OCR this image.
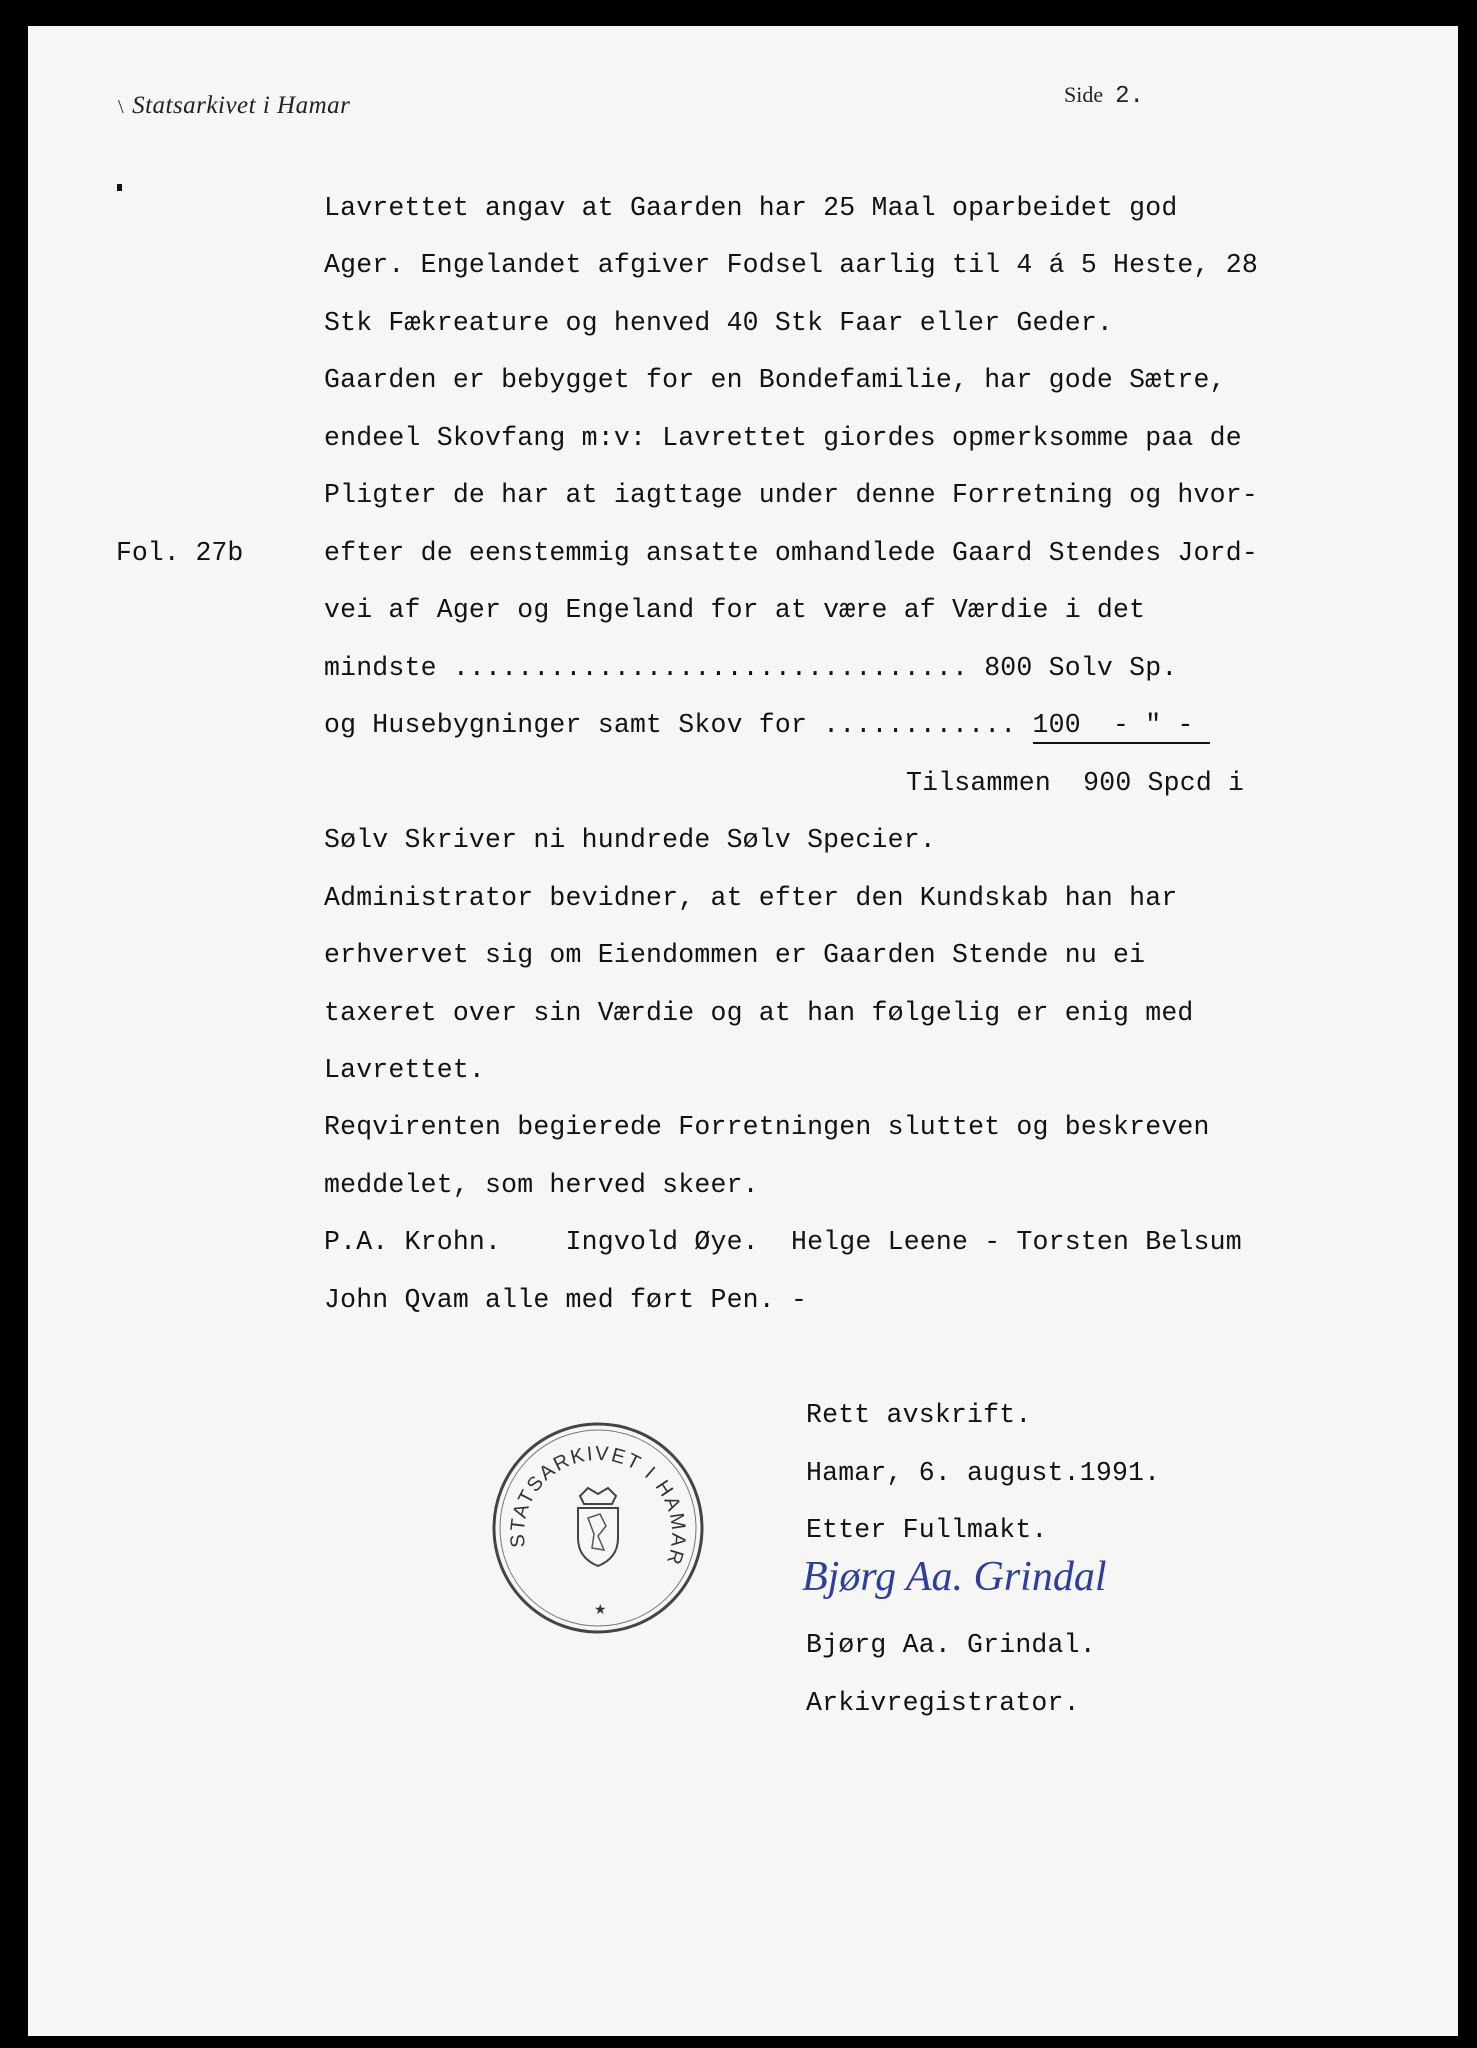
\ Statsarkivet i Hamar	Side 2.
Fol. 27b
Lavrettet angav at Gaarden har 25 Maal oparbeidet god
Ager. Engelandet afgiver Fodsel aarlig til 4 á 5 Heste, 28
Stk Fækreature og henved 40 Stk Faar eller Geder.
Gaarden er bebygget for en Bondefamilie, har gode Sætre,
endeel Skovfang m:v: Lavrettet giordes opmerksomme paa de
Pligter de har at iagttage under denne Forretning og hvor-
efter de eenstemmig ansatte omhandlede Gaard Stendes Jord-
vei af Ager og Engeland for at være af Værdie i det
mindste ................................ 800 Solv Sp.
og Husebygninger samt Skov for ............ 100  - " -
Tilsammen  900 Spcd i
Sølv Skriver ni hundrede Sølv Specier.
Administrator bevidner, at efter den Kundskab han har
erhvervet sig om Eiendommen er Gaarden Stende nu ei
taxeret over sin Værdie og at han følgelig er enig med
Lavrettet.
Reqvirenten begierede Forretningen sluttet og beskreven
meddelet, som herved skeer.
P.A. Krohn.    Ingvold Øye.  Helge Leene - Torsten Belsum
John Qvam alle med ført Pen. -
Rett avskrift.
Hamar, 6. august.1991.
Etter Fullmakt.
Bjørg Aa. Grindal
Bjørg Aa. Grindal.
Arkivregistrator.
STATSARKIVET I HAMAR
★
